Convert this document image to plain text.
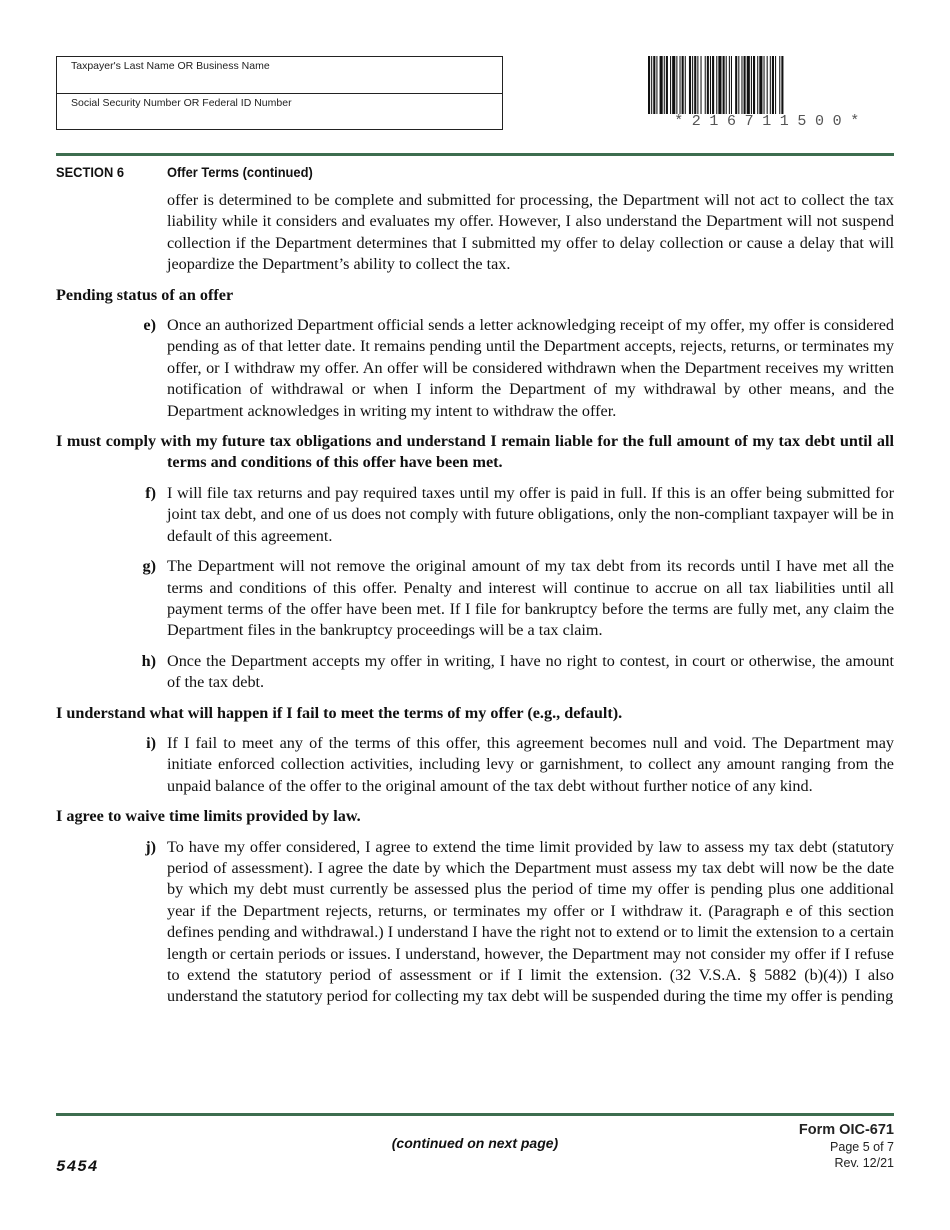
Taxpayer's Last Name OR Business Name
Social Security Number OR Federal ID Number
*216711500*
SECTION 6	Offer Terms (continued)

offer is determined to be complete and submitted for processing, the Department will not act to collect the tax liability while it considers and evaluates my offer. However, I also understand the Department will not suspend collection if the Department determines that I submitted my offer to delay collection or cause a delay that will jeopardize the Department’s ability to collect the tax.

Pending status of an offer
e) Once an authorized Department official sends a letter acknowledging receipt of my offer, my offer is considered pending as of that letter date. It remains pending until the Department accepts, rejects, returns, or terminates my offer, or I withdraw my offer. An offer will be considered withdrawn when the Department receives my written notification of withdrawal or when I inform the Department of my withdrawal by other means, and the Department acknowledges in writing my intent to withdraw the offer.
I must comply with my future tax obligations and understand I remain liable for the full amount of my tax debt until all terms and conditions of this offer have been met.
f) I will file tax returns and pay required taxes until my offer is paid in full. If this is an offer being submitted for joint tax debt, and one of us does not comply with future obligations, only the non-compliant taxpayer will be in default of this agreement.
g) The Department will not remove the original amount of my tax debt from its records until I have met all the terms and conditions of this offer. Penalty and interest will continue to accrue on all tax liabilities until all payment terms of the offer have been met. If I file for bankruptcy before the terms are fully met, any claim the Department files in the bankruptcy proceedings will be a tax claim.
h) Once the Department accepts my offer in writing, I have no right to contest, in court or otherwise, the amount of the tax debt.
I understand what will happen if I fail to meet the terms of my offer (e.g., default).
i) If I fail to meet any of the terms of this offer, this agreement becomes null and void. The Department may initiate enforced collection activities, including levy or garnishment, to collect any amount ranging from the unpaid balance of the offer to the original amount of the tax debt without further notice of any kind.
I agree to waive time limits provided by law.
j) To have my offer considered, I agree to extend the time limit provided by law to assess my tax debt (statutory period of assessment). I agree the date by which the Department must assess my tax debt will now be the date by which my debt must currently be assessed plus the period of time my offer is pending plus one additional year if the Department rejects, returns, or terminates my offer or I withdraw it. (Paragraph e of this section defines pending and withdrawal.) I understand I have the right not to extend or to limit the extension to a certain length or certain periods or issues. I understand, however, the Department may not consider my offer if I refuse to extend the statutory period of assessment or if I limit the extension. (32 V.S.A. § 5882 (b)(4)) I also understand the statutory period for collecting my tax debt will be suspended during the time my offer is pending
5454
(continued on next page)
Form OIC-671
Page 5 of 7
Rev. 12/21
